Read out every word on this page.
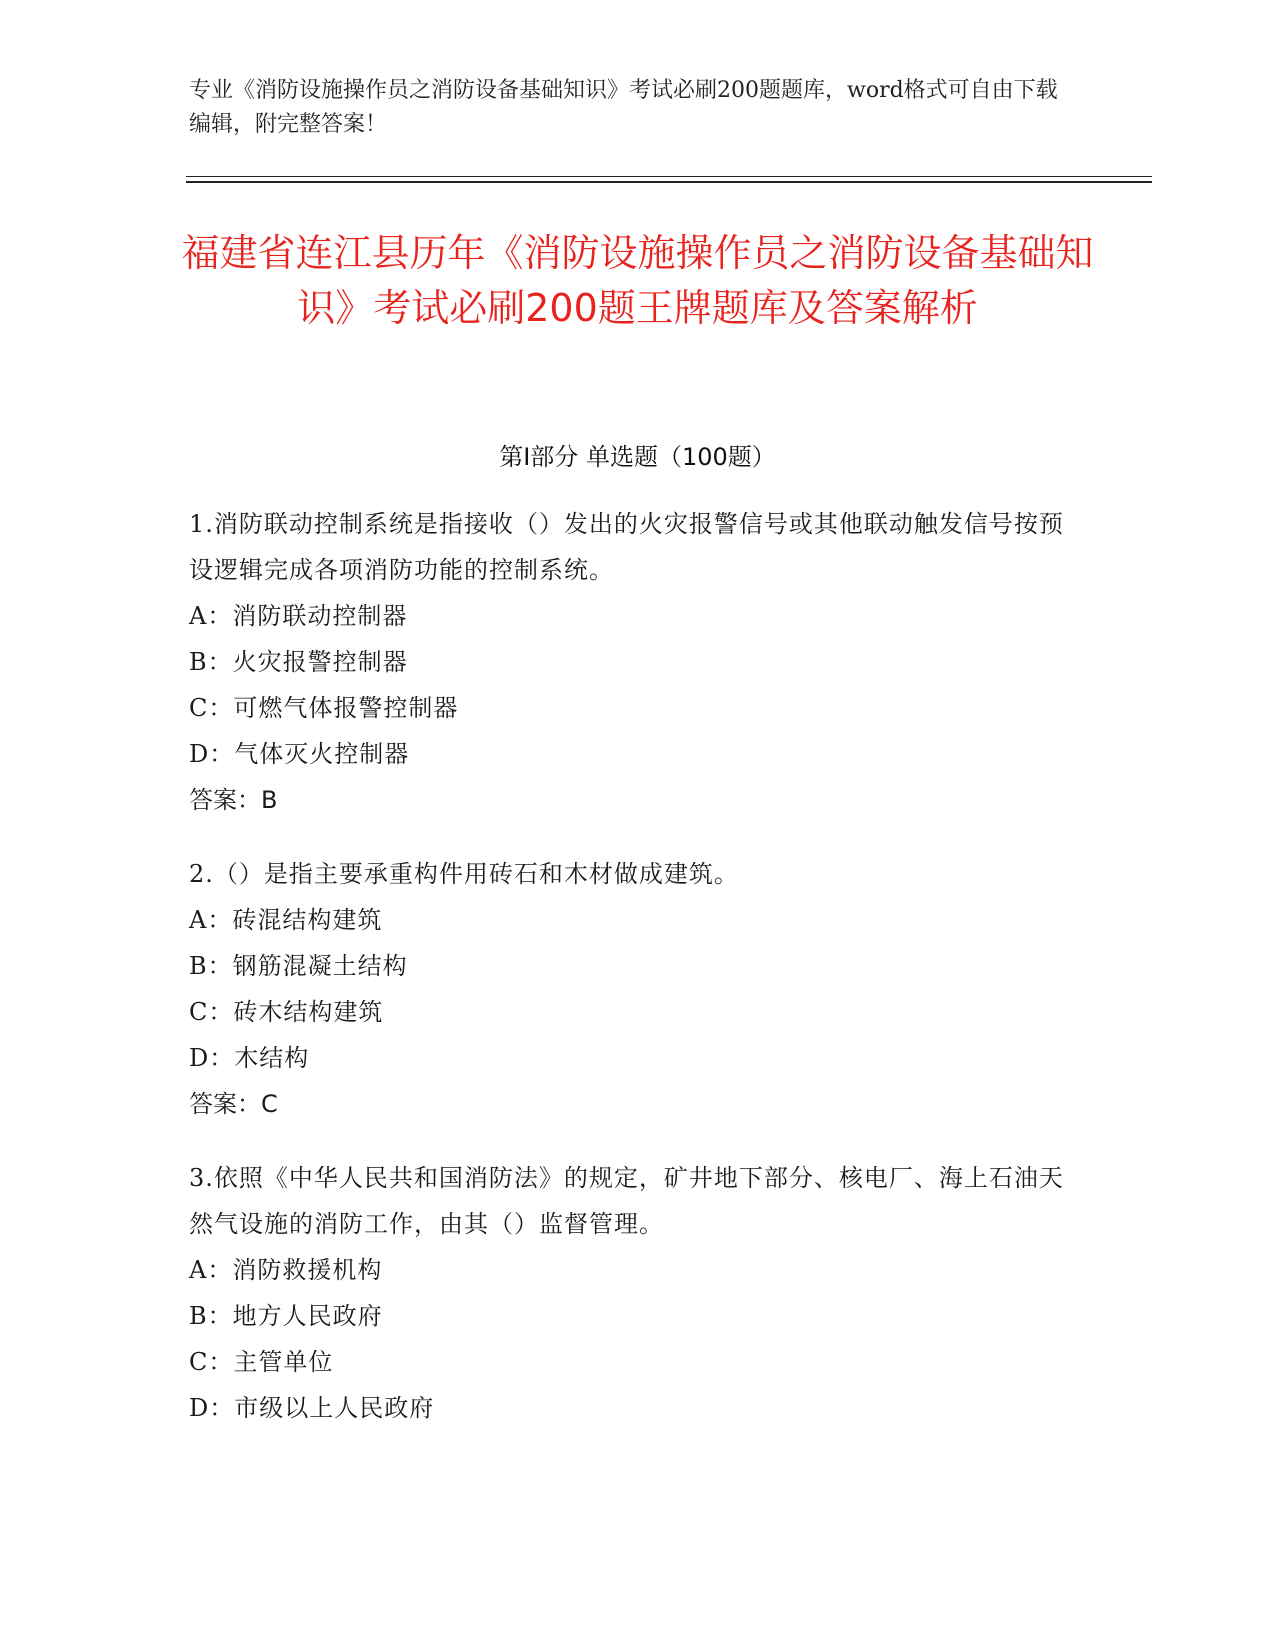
专业《消防设施操作员之消防设备基础知识》考试必刷200题题库，word格式可自由下载编辑，附完整答案！
福建省连江县历年《消防设施操作员之消防设备基础知识》考试必刷200题王牌题库及答案解析
第Ⅰ部分 单选题（100题）

1.消防联动控制系统是指接收（）发出的火灾报警信号或其他联动触发信号按预设逻辑完成各项消防功能的控制系统。

A：消防联动控制器

B：火灾报警控制器

C：可燃气体报警控制器

D：气体灭火控制器

答案：B

2.（）是指主要承重构件用砖石和木材做成建筑。

A：砖混结构建筑

B：钢筋混凝土结构

C：砖木结构建筑

D：木结构

答案：C

3.依照《中华人民共和国消防法》的规定，矿井地下部分、核电厂、海上石油天然气设施的消防工作，由其（）监督管理。

A：消防救援机构

B：地方人民政府

C：主管单位

D：市级以上人民政府
